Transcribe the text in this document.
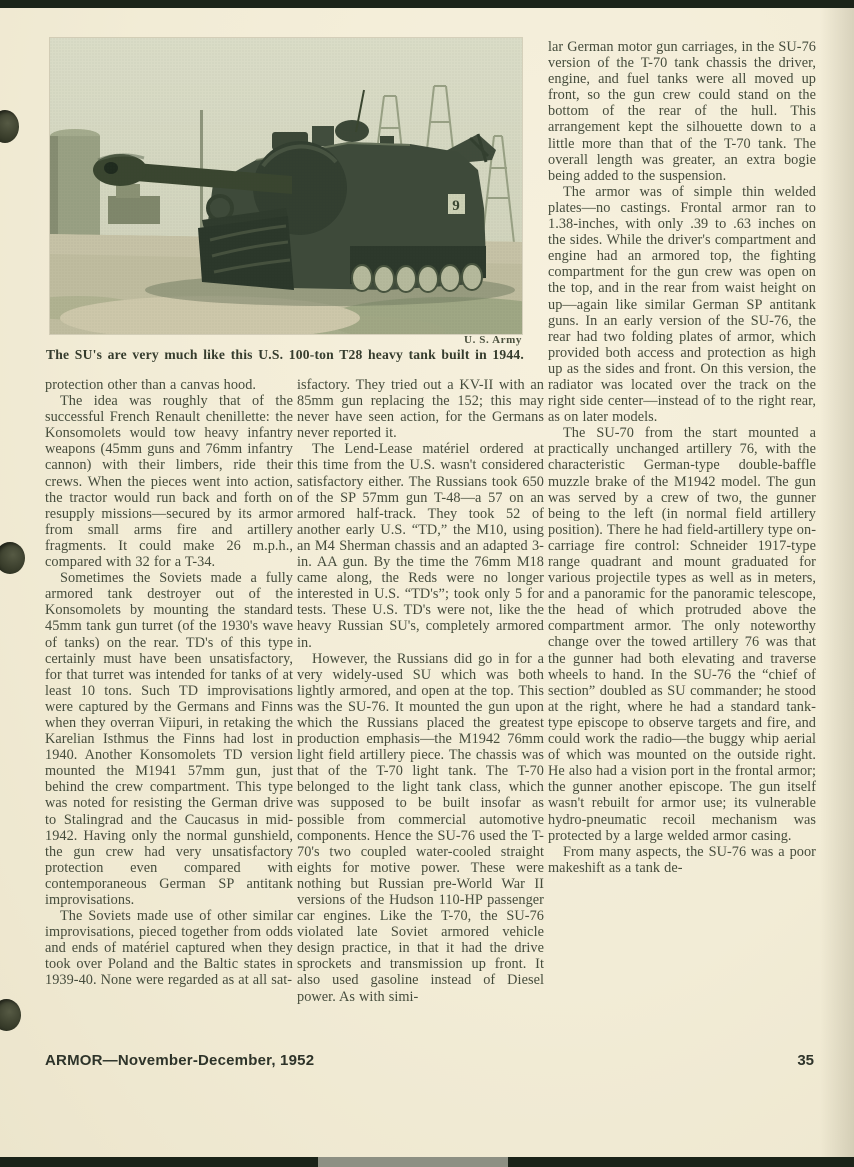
U. S. Army
The SU's are very much like this U.S. 100-ton T28 heavy tank built in 1944.

protection other than a canvas hood.

The idea was roughly that of the successful French Renault chenillette: the Konsomolets would tow heavy infantry weapons (45mm guns and 76mm infantry cannon) with their limbers, ride their crews. When the pieces went into action, the tractor would run back and forth on resupply missions—secured by its armor from small arms fire and artillery fragments. It could make 26 m.p.h., compared with 32 for a T-34.

Sometimes the Soviets made a fully armored tank destroyer out of the Konsomolets by mounting the standard 45mm tank gun turret (of the 1930's wave of tanks) on the rear. TD's of this type certainly must have been unsatisfactory, for that turret was intended for tanks of at least 10 tons. Such TD improvisations were captured by the Germans and Finns when they overran Viipuri, in retaking the Karelian Isthmus the Finns had lost in 1940. Another Konsomolets TD version mounted the M1941 57mm gun, just behind the crew compartment. This type was noted for resisting the German drive to Stalingrad and the Caucasus in mid-1942. Having only the normal gunshield, the gun crew had very unsatisfactory protection even compared with contemporaneous German SP antitank improvisations.

The Soviets made use of other similar improvisations, pieced together from odds and ends of matériel captured when they took over Poland and the Baltic states in 1939-40. None were regarded as at all sat-

isfactory. They tried out a KV-II with an 85mm gun replacing the 152; this may never have seen action, for the Germans never reported it.

The Lend-Lease matériel ordered at this time from the U.S. wasn't considered satisfactory either. The Russians took 650 of the SP 57mm gun T-48—a 57 on an armored half-track. They took 52 of another early U.S. “TD,” the M10, using an M4 Sherman chassis and an adapted 3-in. AA gun. By the time the 76mm M18 came along, the Reds were no longer interested in U.S. “TD's”; took only 5 for tests. These U.S. TD's were not, like the heavy Russian SU's, completely armored in.

However, the Russians did go in for a very widely-used SU which was both lightly armored, and open at the top. This was the SU-76. It mounted the gun upon which the Russians placed the greatest production emphasis—the M1942 76mm light field artillery piece. The chassis was that of the T-70 light tank. The T-70 belonged to the light tank class, which was supposed to be built insofar as possible from commercial automotive components. Hence the SU-76 used the T-70's two coupled water-cooled straight eights for motive power. These were nothing but Russian pre-World War II versions of the Hudson 110-HP passenger car engines. Like the T-70, the SU-76 violated late Soviet armored vehicle design practice, in that it had the drive sprockets and transmission up front. It also used gasoline instead of Diesel power. As with simi-

lar German motor gun carriages, in the SU-76 version of the T-70 tank chassis the driver, engine, and fuel tanks were all moved up front, so the gun crew could stand on the bottom of the rear of the hull. This arrangement kept the silhouette down to a little more than that of the T-70 tank. The overall length was greater, an extra bogie being added to the suspension.

The armor was of simple thin welded plates—no castings. Frontal armor ran to 1.38-inches, with only .39 to .63 inches on the sides. While the driver's compartment and engine had an armored top, the fighting compartment for the gun crew was open on the top, and in the rear from waist height on up—again like similar German SP antitank guns. In an early version of the SU-76, the rear had two folding plates of armor, which provided both access and protection as high up as the sides and front. On this version, the radiator was located over the track on the right side center—instead of to the right rear, as on later models.

The SU-70 from the start mounted a practically unchanged artillery 76, with the characteristic German-type double-baffle muzzle brake of the M1942 model. The gun was served by a crew of two, the gunner being to the left (in normal field artillery position). There he had field-artillery type on-carriage fire control: Schneider 1917-type range quadrant and mount graduated for various projectile types as well as in meters, and a panoramic for the panoramic telescope, the head of which protruded above the compartment armor. The only noteworthy change over the towed artillery 76 was that the gunner had both elevating and traverse wheels to hand. In the SU-76 the “chief of section” doubled as SU commander; he stood at the right, where he had a standard tank-type episcope to observe targets and fire, and could work the radio—the buggy whip aerial of which was mounted on the outside right. He also had a vision port in the frontal armor; the gunner another episcope. The gun itself wasn't rebuilt for armor use; its vulnerable hydro-pneumatic recoil mechanism was protected by a large welded armor casing.

From many aspects, the SU-76 was a poor makeshift as a tank de-

ARMOR—November-December, 1952	35
